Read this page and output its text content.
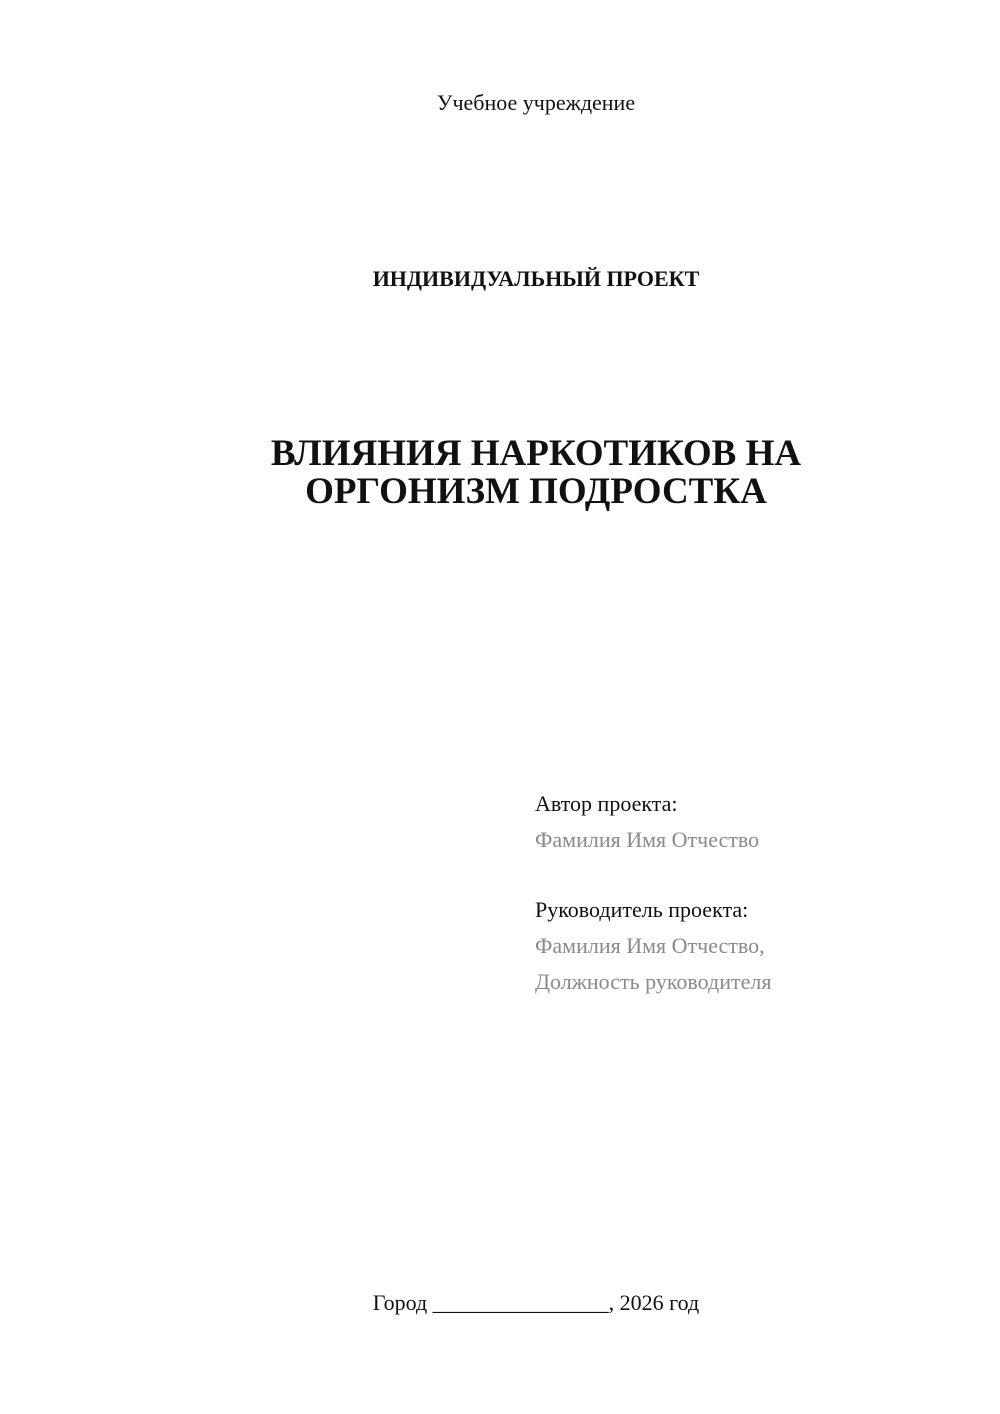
Учебное учреждение
ИНДИВИДУАЛЬНЫЙ ПРОЕКТ
ВЛИЯНИЯ НАРКОТИКОВ НА
ОРГОНИЗМ ПОДРОСТКА
Автор проекта:
Фамилия Имя Отчество
Руководитель проекта:
Фамилия Имя Отчество,
Должность руководителя
Город ________________, 2026 год
